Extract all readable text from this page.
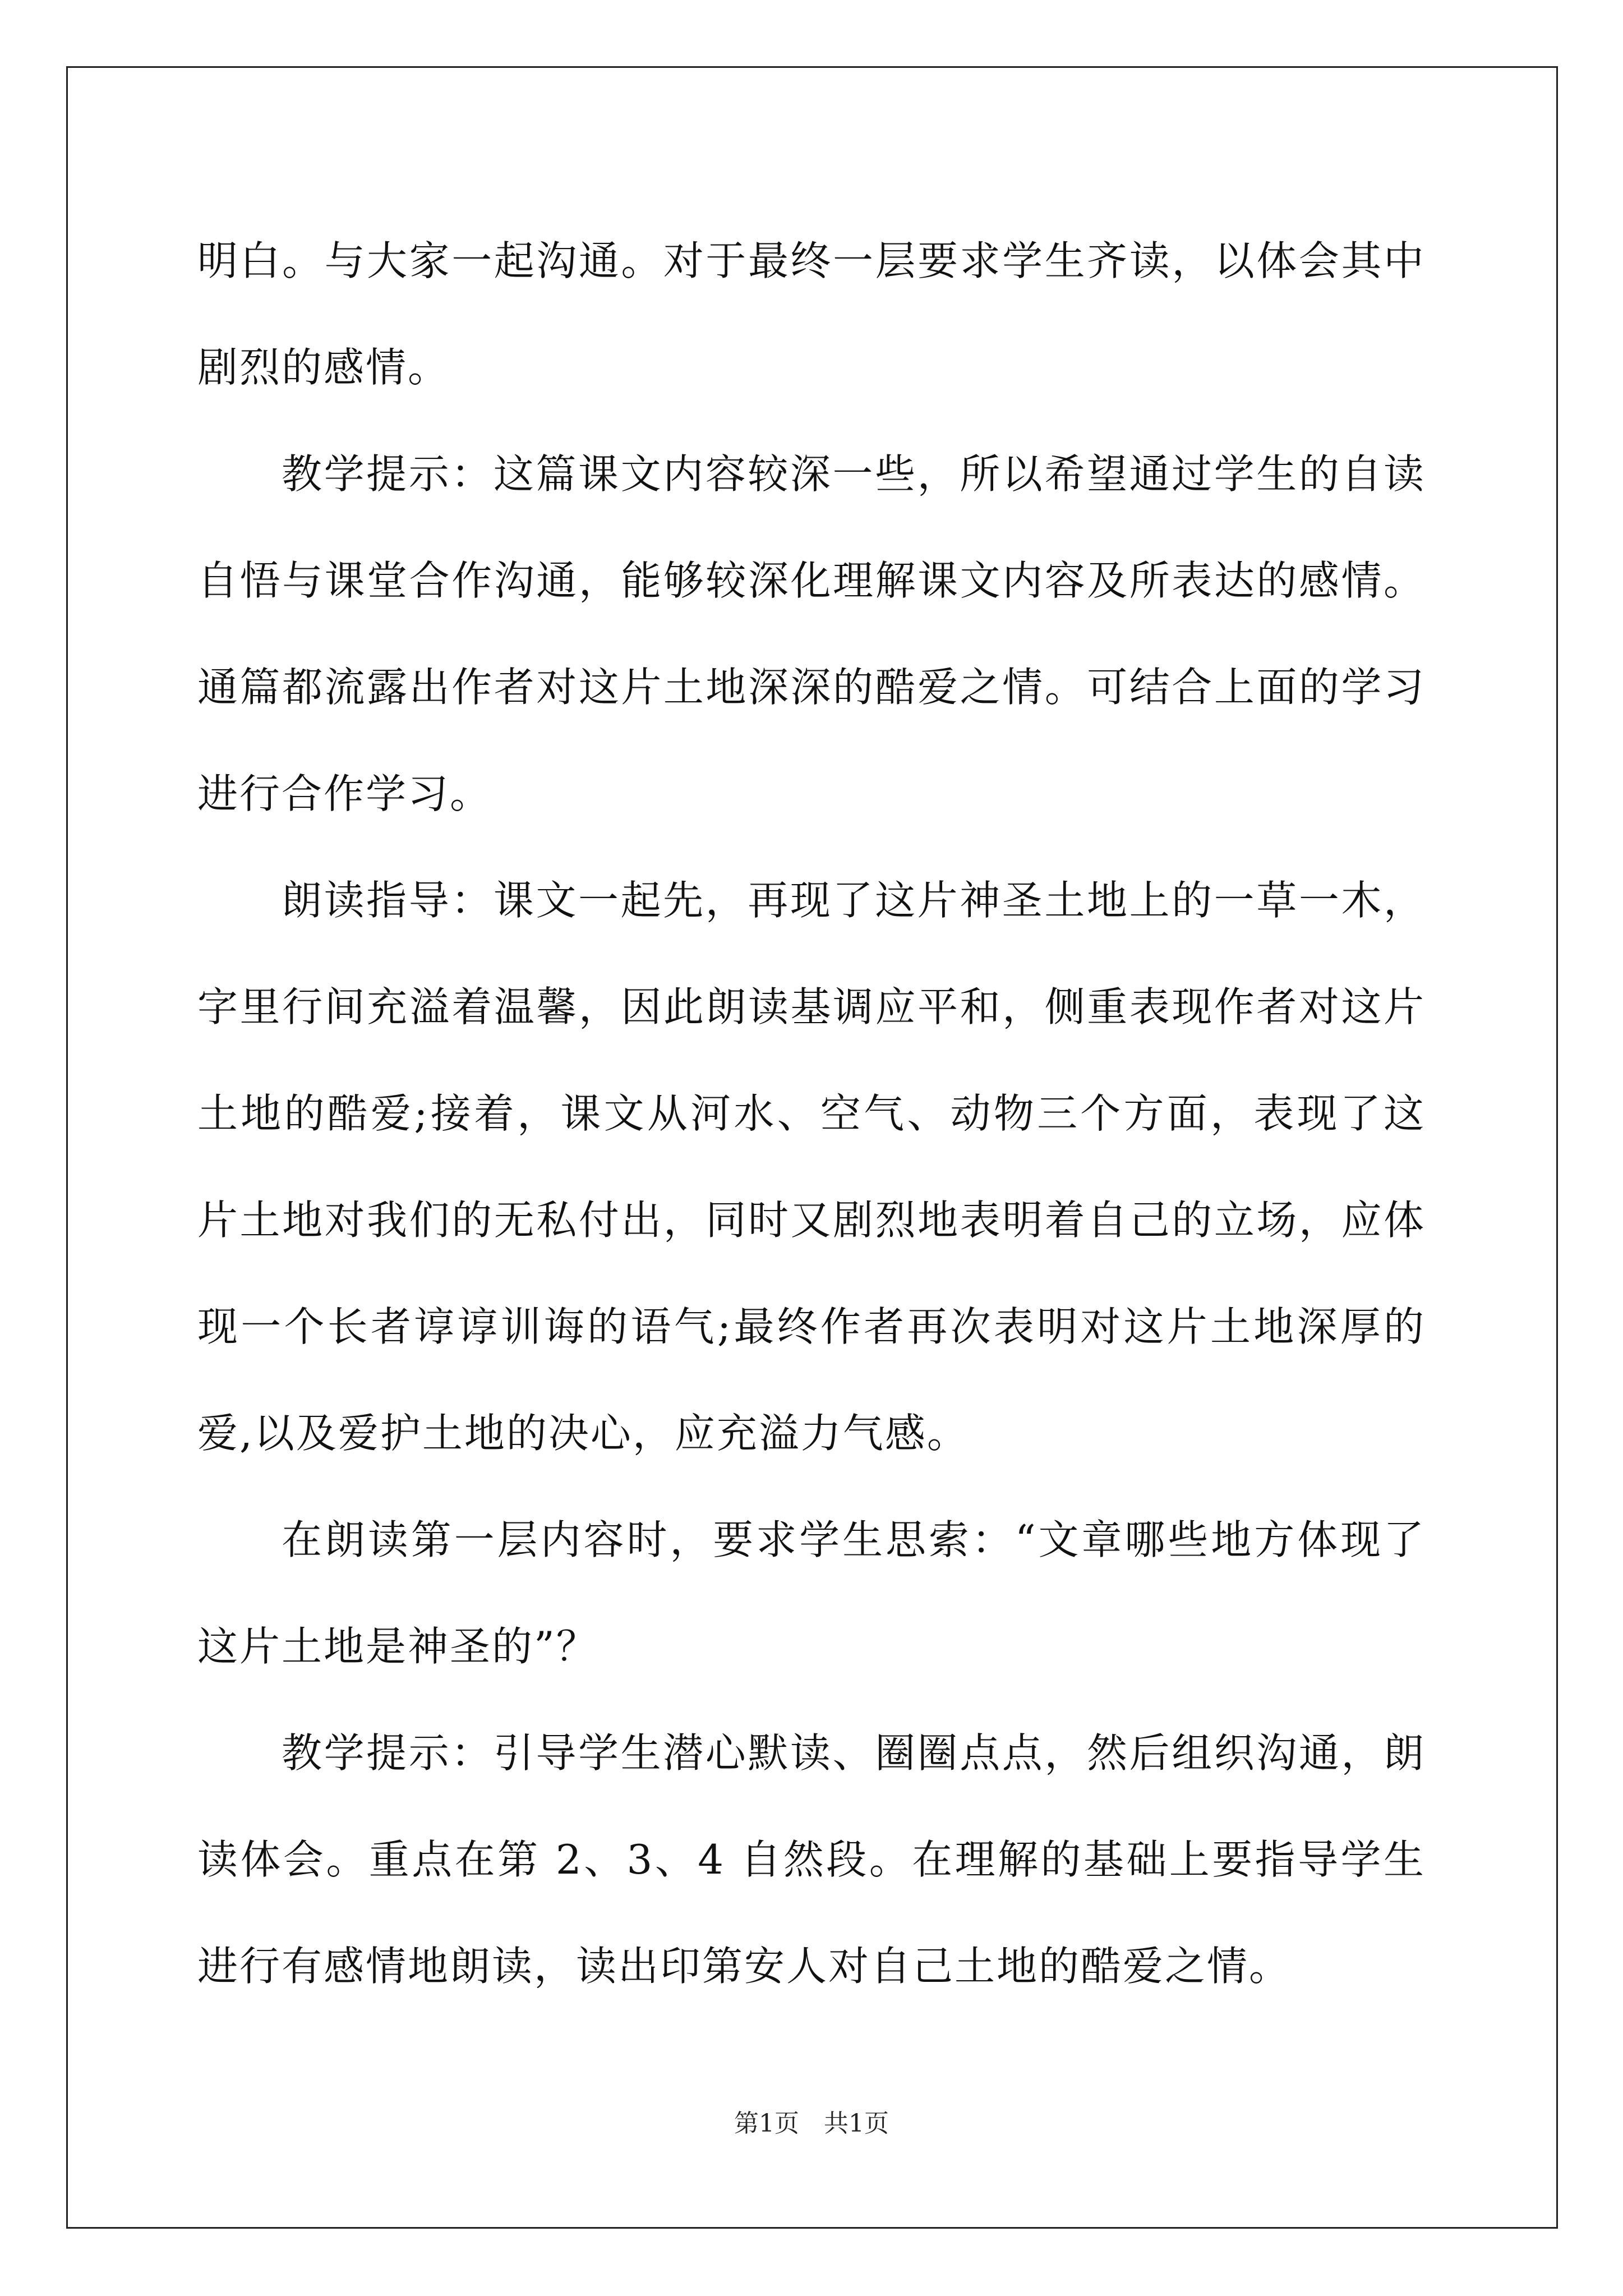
明白。与大家一起沟通。对于最终一层要求学生齐读，以体会其中剧烈的感情。

教学提示：这篇课文内容较深一些，所以希望通过学生的自读自悟与课堂合作沟通，能够较深化理解课文内容及所表达的感情。通篇都流露出作者对这片土地深深的酷爱之情。可结合上面的学习进行合作学习。

朗读指导：课文一起先，再现了这片神圣土地上的一草一木，字里行间充溢着温馨，因此朗读基调应平和，侧重表现作者对这片土地的酷爱;接着，课文从河水、空气、动物三个方面，表现了这片土地对我们的无私付出，同时又剧烈地表明着自己的立场，应体现一个长者谆谆训诲的语气;最终作者再次表明对这片土地深厚的爱,以及爱护土地的决心，应充溢力气感。

在朗读第一层内容时，要求学生思索：“文章哪些地方体现了这片土地是神圣的”？

教学提示：引导学生潜心默读、圈圈点点，然后组织沟通，朗读体会。重点在第 2、3、4 自然段。在理解的基础上要指导学生进行有感情地朗读，读出印第安人对自己土地的酷爱之情。

第1页 共1页
